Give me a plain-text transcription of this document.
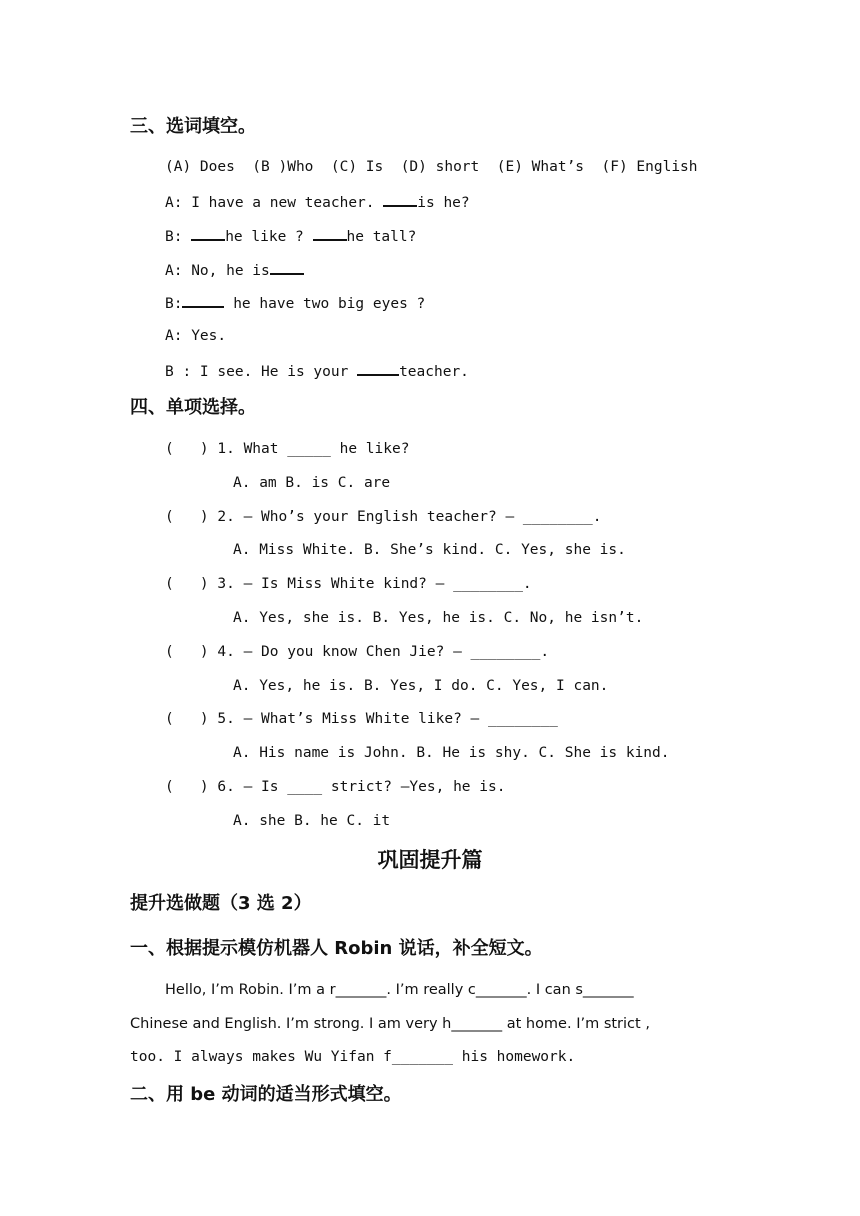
三、选词填空。
(A) Does  (B )Who  (C) Is  (D) short  (E) What’s  (F) English
A: I have a new teacher. is he?
B: he like ? he tall?
A: No, he is
B:	he have two big eyes ?
A: Yes.
B : I see. He is your	teacher.
四、单项选择。
(   ) 1. What _____ he like?
A. am B. is C. are
(   ) 2. — Who’s your English teacher? — ________.
A. Miss White. B. She’s kind. C. Yes, she is.
(   ) 3. — Is Miss White kind? — ________.
A. Yes, she is. B. Yes, he is. C. No, he isn’t.
(   ) 4. — Do you know Chen Jie? — ________.
A. Yes, he is. B. Yes, I do. C. Yes, I can.
(   ) 5. — What’s Miss White like? — ________
A. His name is John. B. He is shy. C. She is kind.
(   ) 6. — Is ____ strict? —Yes, he is.
A. she B. he C. it
巩固提升篇
提升选做题（3 选 2）
一、根据提示模仿机器人 Robin 说话，补全短文。
Hello, I’m Robin. I’m a r_______. I’m really c_______. I can s_______
Chinese and English. I’m strong. I am very h_______ at home. I’m strict ,
too. I always makes Wu Yifan f_______ his homework.
二、用 be 动词的适当形式填空。
